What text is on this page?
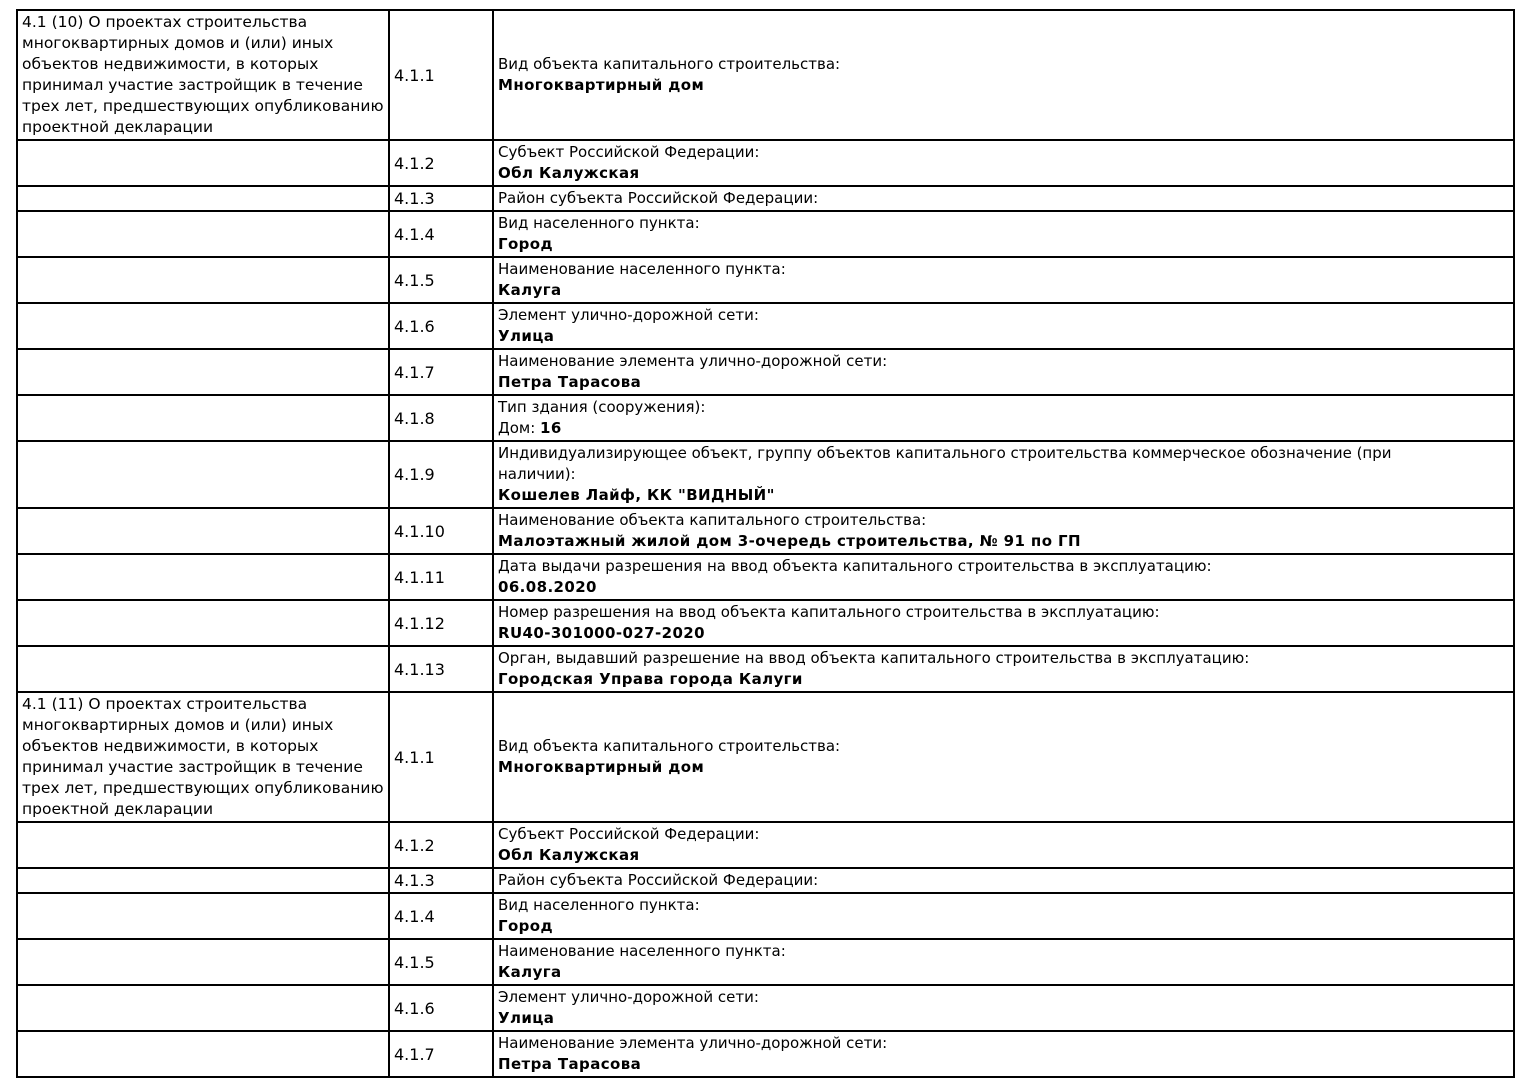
4.1 (10) О проектах строительства многоквартирных домов и (или) иных объектов недвижимости, в которых принимал участие застройщик в течение трех лет, предшествующих опубликованию проектной декларации	4.1.1	Вид объекта капитального строительства:
Многоквартирный дом

	4.1.2	Субъект Российской Федерации:
Обл Калужская

	4.1.3	Район субъекта Российской Федерации:

	4.1.4	Вид населенного пункта:
Город

	4.1.5	Наименование населенного пункта:
Калуга

	4.1.6	Элемент улично-дорожной сети:
Улица

	4.1.7	Наименование элемента улично-дорожной сети:
Петра Тарасова

	4.1.8	Тип здания (сооружения):
Дом: 16

	4.1.9	Индивидуализирующее объект, группу объектов капитального строительства коммерческое обозначение (при наличии):
Кошелев Лайф, КК "ВИДНЫЙ"

	4.1.10	Наименование объекта капитального строительства:
Малоэтажный жилой дом 3-очередь строительства, № 91 по ГП

	4.1.11	Дата выдачи разрешения на ввод объекта капитального строительства в эксплуатацию:
06.08.2020

	4.1.12	Номер разрешения на ввод объекта капитального строительства в эксплуатацию:
RU40-301000-027-2020

	4.1.13	Орган, выдавший разрешение на ввод объекта капитального строительства в эксплуатацию:
Городская Управа города Калуги

4.1 (11) О проектах строительства многоквартирных домов и (или) иных объектов недвижимости, в которых принимал участие застройщик в течение трех лет, предшествующих опубликованию проектной декларации	4.1.1	Вид объекта капитального строительства:
Многоквартирный дом

	4.1.2	Субъект Российской Федерации:
Обл Калужская

	4.1.3	Район субъекта Российской Федерации:

	4.1.4	Вид населенного пункта:
Город

	4.1.5	Наименование населенного пункта:
Калуга

	4.1.6	Элемент улично-дорожной сети:
Улица

	4.1.7	Наименование элемента улично-дорожной сети:
Петра Тарасова
